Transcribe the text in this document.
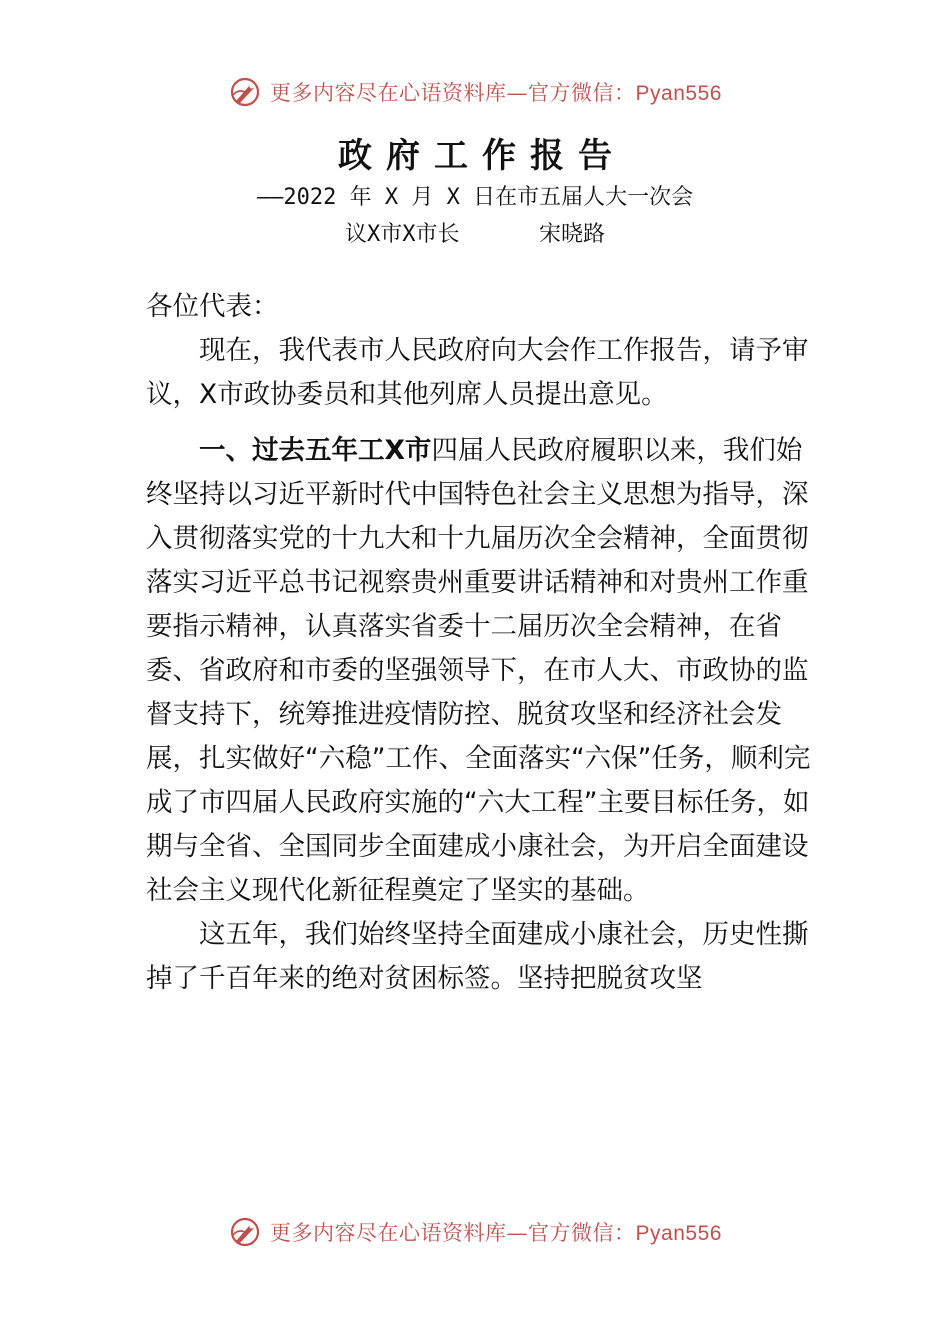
更多内容尽在心语资料库—官方微信：Pyan556
政府工作报告

——2022 年 X 月 X 日在市五届人大一次会

议X市X市长      宋晓路

各位代表：

现在，我代表市人民政府向大会作工作报告，请予审议，X市政协委员和其他列席人员提出意见。

一、过去五年工X市四届人民政府履职以来，我们始终坚持以习近平新时代中国特色社会主义思想为指导，深入贯彻落实党的十九大和十九届历次全会精神，全面贯彻落实习近平总书记视察贵州重要讲话精神和对贵州工作重要指示精神，认真落实省委十二届历次全会精神，在省委、省政府和市委的坚强领导下，在市人大、市政协的监督支持下，统筹推进疫情防控、脱贫攻坚和经济社会发展，扎实做好“六稳”工作、全面落实“六保”任务，顺利完成了市四届人民政府实施的“六大工程”主要目标任务，如期与全省、全国同步全面建成小康社会，为开启全面建设社会主义现代化新征程奠定了坚实的基础。

这五年，我们始终坚持全面建成小康社会，历史性撕掉了千百年来的绝对贫困标签。坚持把脱贫攻坚

更多内容尽在心语资料库—官方微信：Pyan556
